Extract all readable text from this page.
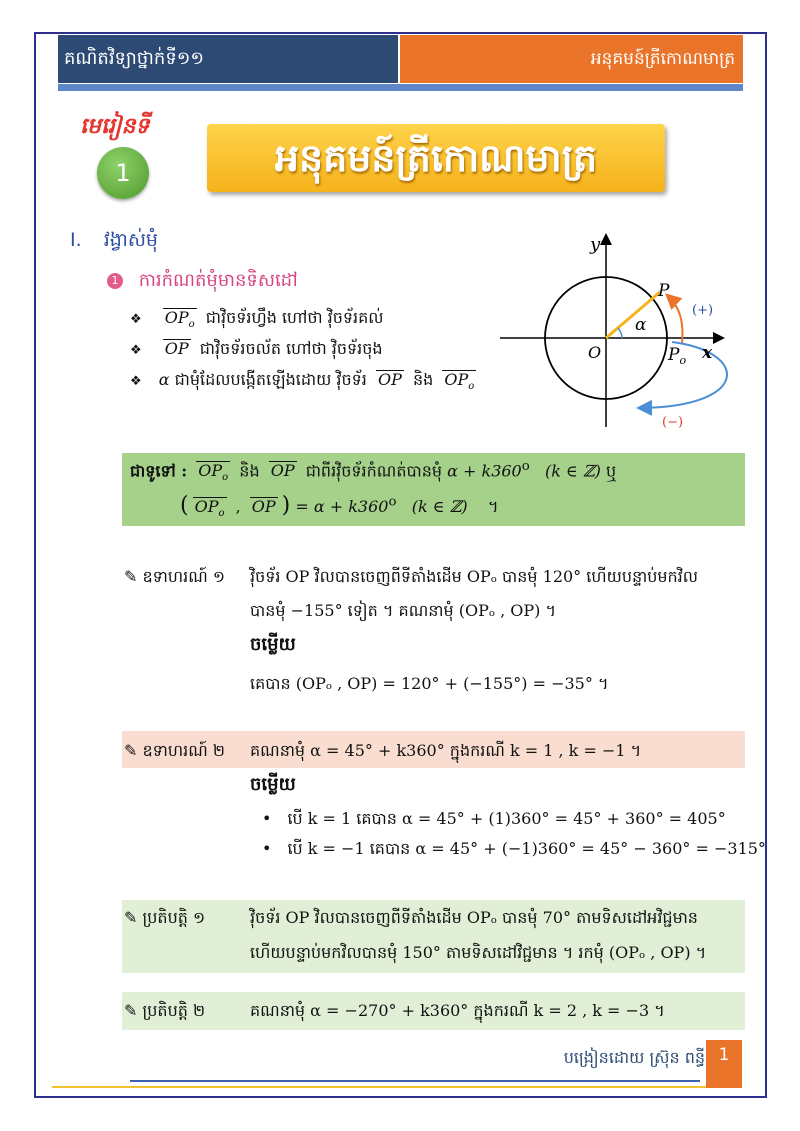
គណិតវិទ្យាថ្នាក់ទី១១	អនុគមន៍ត្រីកោណមាត្រ
មេរៀនទី
1	អនុគមន៍ត្រីកោណមាត្រ
I. វង្វាស់មុំ
1 ការកំណត់មុំមានទិសដៅ
❖ $OP_o$ ជាវ៉ិចទ័រហ្វឹង ហៅថា វ៉ិចទ័រគល់
❖ OP ជាវ៉ិចទ័រចល័ត ហៅថា វ៉ិចទ័រចុង
❖ α ជាមុំដែលបង្កើតឡើងដោយ វ៉ិចទ័រ OP និង $OP_o$
y
x
O
P
$P_o$
α
(+)
(−)
ជាទូទៅ : $OP_o$ និង OP ជាពីរវ៉ិចទ័រកំណត់បានមុំ $\alpha + k360^o$ (k ∈ ℤ) ឬ
( $OP_o$ , OP ) = $\alpha + k360^o$ (k ∈ ℤ) ។
✎ ឧទាហរណ៍ ១ វ៉ិចទ័រ OP វិលបានចេញពីទីតាំងដើម OPₒ បានមុំ 120° ហើយបន្ទាប់មកវិល
បានមុំ −155° ទៀត ។ គណនាមុំ (OPₒ , OP) ។
ចម្លើយ
គេបាន (OPₒ , OP) = 120° + (−155°) = −35° ។
✎ ឧទាហរណ៍ ២ គណនាមុំ α = 45° + k360° ក្នុងករណី k = 1 , k = −1 ។
ចម្លើយ
• បើ k = 1 គេបាន α = 45° + (1)360° = 45° + 360° = 405°
• បើ k = −1 គេបាន α = 45° + (−1)360° = 45° − 360° = −315°
✎ ប្រតិបត្តិ ១	វ៉ិចទ័រ OP វិលបានចេញពីទីតាំងដើម OPₒ បានមុំ 70° តាមទិសដៅអវិជ្ជមាន
ហើយបន្ទាប់មកវិលបានមុំ 150° តាមទិសដៅវិជ្ជមាន ។ រកមុំ (OPₒ , OP) ។
✎ ប្រតិបត្តិ ២	គណនាមុំ α = −270° + k360° ក្នុងករណី k = 2 , k = −3 ។
បង្រៀនដោយ ស្រ៊ុន ពន្ធី 1
